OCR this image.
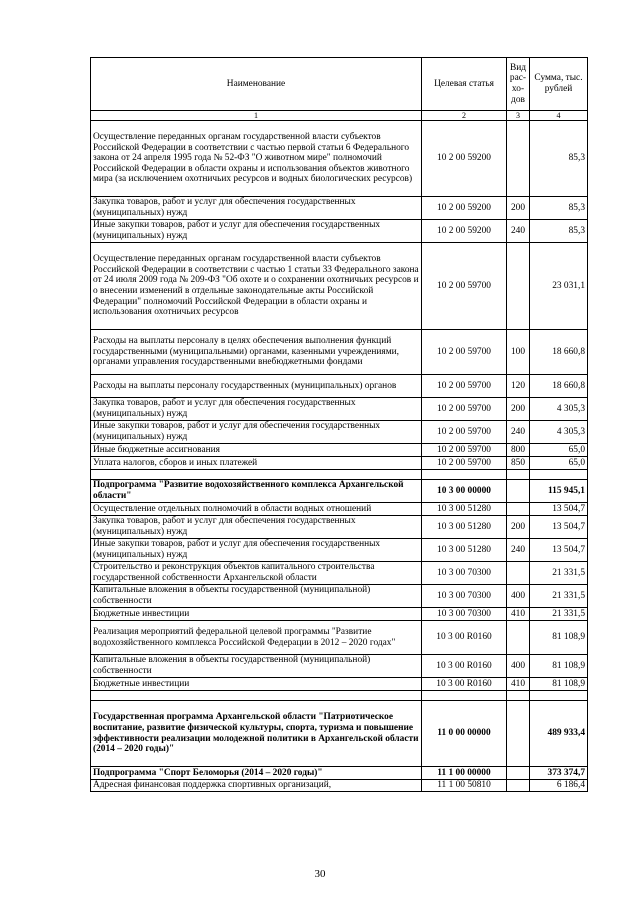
Наименование	Целевая статья	Вид рас-хо-дов	Сумма, тыс. рублей
1	2	3	4
Осуществление переданных органам государственной власти субъектов Российской Федерации в соответствии с частью первой статьи 6 Федерального закона от 24 апреля 1995 года № 52-ФЗ "О животном мире" полномочий Российской Федерации в области охраны и использования объектов животного мира (за исключением охотничьих ресурсов и водных биологических ресурсов)	10 2 00 59200		85,3
Закупка товаров, работ и услуг для обеспечения государственных (муниципальных) нужд	10 2 00 59200	200	85,3
Иные закупки товаров, работ и услуг для обеспечения государственных (муниципальных) нужд	10 2 00 59200	240	85,3
Осуществление переданных органам государственной власти субъектов Российской Федерации в соответствии с частью 1 статьи 33 Федерального закона от 24 июля 2009 года № 209-ФЗ "Об охоте и о сохранении охотничьих ресурсов и о внесении изменений в отдельные законодательные акты Российской Федерации" полномочий Российской Федерации в области охраны и использования охотничьих ресурсов	10 2 00 59700		23 031,1
Расходы на выплаты персоналу в целях обеспечения выполнения функций государственными (муниципальными) органами, казенными учреждениями, органами управления государственными внебюджетными фондами	10 2 00 59700	100	18 660,8
Расходы на выплаты персоналу государственных (муниципальных) органов	10 2 00 59700	120	18 660,8
Закупка товаров, работ и услуг для обеспечения государственных (муниципальных) нужд	10 2 00 59700	200	4 305,3
Иные закупки товаров, работ и услуг для обеспечения государственных (муниципальных) нужд	10 2 00 59700	240	4 305,3
Иные бюджетные ассигнования	10 2 00 59700	800	65,0
Уплата налогов, сборов и иных платежей	10 2 00 59700	850	65,0

Подпрограмма "Развитие водохозяйственного комплекса Архангельской области"	10 3 00 00000		115 945,1
Осуществление отдельных полномочий в области водных отношений	10 3 00 51280		13 504,7
Закупка товаров, работ и услуг для обеспечения государственных (муниципальных) нужд	10 3 00 51280	200	13 504,7
Иные закупки товаров, работ и услуг для обеспечения государственных (муниципальных) нужд	10 3 00 51280	240	13 504,7
Строительство и реконструкция объектов капитального строительства государственной собственности Архангельской области	10 3 00 70300		21 331,5
Капитальные вложения в объекты государственной (муниципальной) собственности	10 3 00 70300	400	21 331,5
Бюджетные инвестиции	10 3 00 70300	410	21 331,5
Реализация мероприятий федеральной целевой программы "Развитие водохозяйственного комплекса Российской Федерации в 2012 – 2020 годах"	10 3 00 R0160		81 108,9
Капитальные вложения в объекты государственной (муниципальной) собственности	10 3 00 R0160	400	81 108,9
Бюджетные инвестиции	10 3 00 R0160	410	81 108,9

Государственная программа Архангельской области "Патриотическое воспитание, развитие физической культуры, спорта, туризма и повышение эффективности реализации молодежной политики в Архангельской области (2014 – 2020 годы)"	11 0 00 00000		489 933,4
Подпрограмма "Спорт Беломорья (2014 – 2020 годы)"	11 1 00 00000		373 374,7
Адресная финансовая поддержка спортивных организаций,	11 1 00 50810		6 186,4
30
